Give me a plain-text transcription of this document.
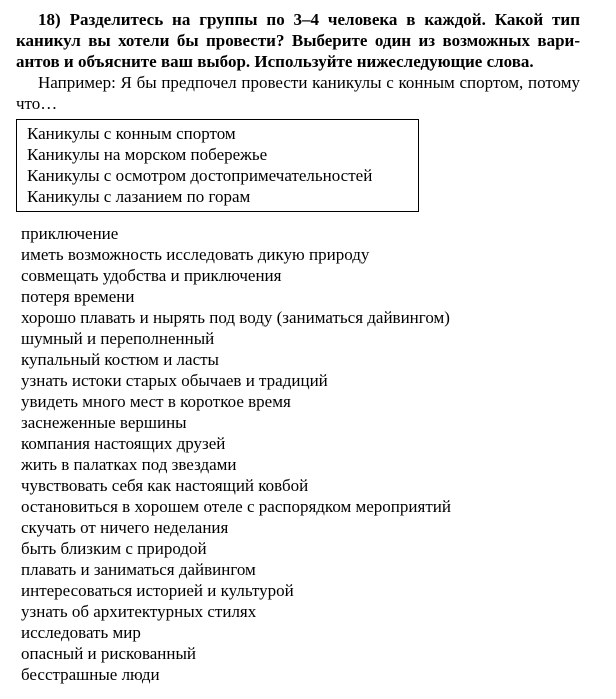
18) Разделитесь на группы по 3–4 человека в каждой. Какой тип каникул вы хотели бы провести? Выберите один из возможных вариантов и объясните ваш выбор. Используйте нижеследующие слова.

Например: Я бы предпочел провести каникулы с конным спортом, потому что…

Каникулы с конным спортом
Каникулы на морском побережье
Каникулы с осмотром достопримечательностей
Каникулы с лазанием по горам
приключение
иметь возможность исследовать дикую природу
совмещать удобства и приключения
потеря времени
хорошо плавать и нырять под воду (заниматься дайвингом)
шумный и переполненный
купальный костюм и ласты
узнать истоки старых обычаев и традиций
увидеть много мест в короткое время
заснеженные вершины
компания настоящих друзей
жить в палатках под звездами
чувствовать себя как настоящий ковбой
остановиться в хорошем отеле с распорядком мероприятий
скучать от ничего неделания
быть близким с природой
плавать и заниматься дайвингом
интересоваться историей и культурой
узнать об архитектурных стилях
исследовать мир
опасный и рискованный
бесстрашные люди
